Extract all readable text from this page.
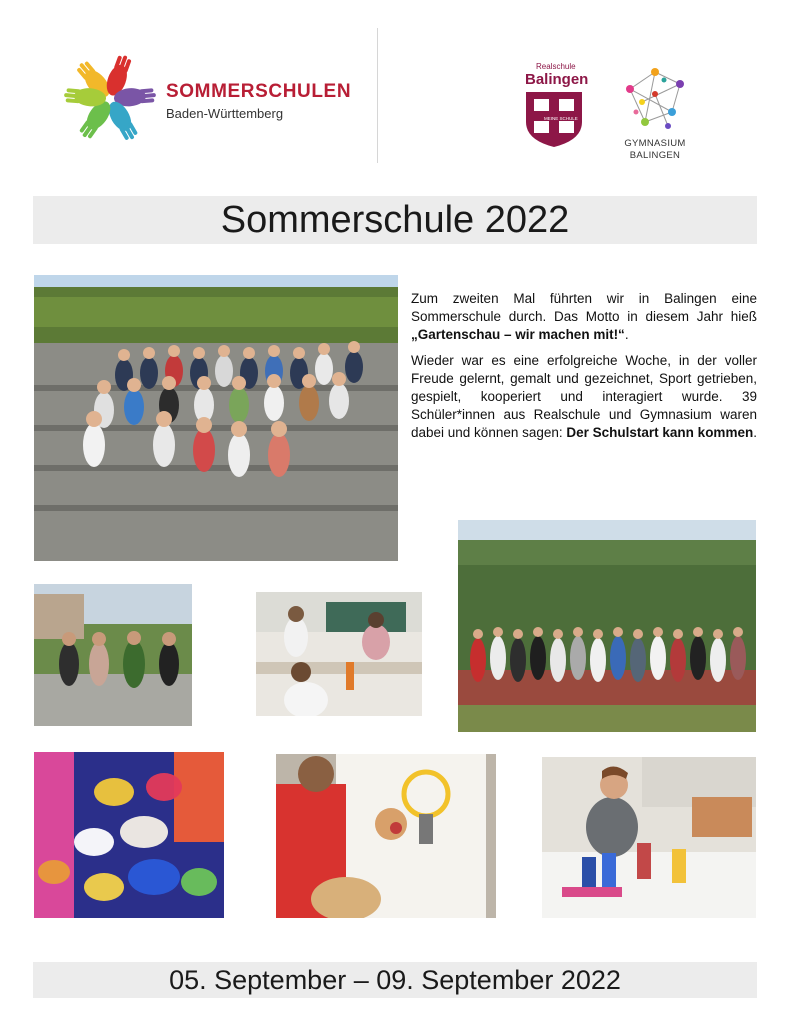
SOMMERSCHULEN
Baden-Württemberg
Realschule
Balingen
MEINE SCHULE
GYMNASIUM
BALINGEN
Sommerschule 2022

Zum zweiten Mal führten wir in Balingen eine Sommerschule durch. Das Motto in diesem Jahr hieß „Gartenschau – wir machen mit!“.

Wieder war es eine erfolgreiche Woche, in der voller Freude gelernt, gemalt und gezeichnet, Sport getrieben, gespielt, kooperiert und interagiert wurde. 39 Schüler*innen aus Realschule und Gymnasium waren dabei und können sagen: Der Schulstart kann kommen.

05. September – 09. September 2022
